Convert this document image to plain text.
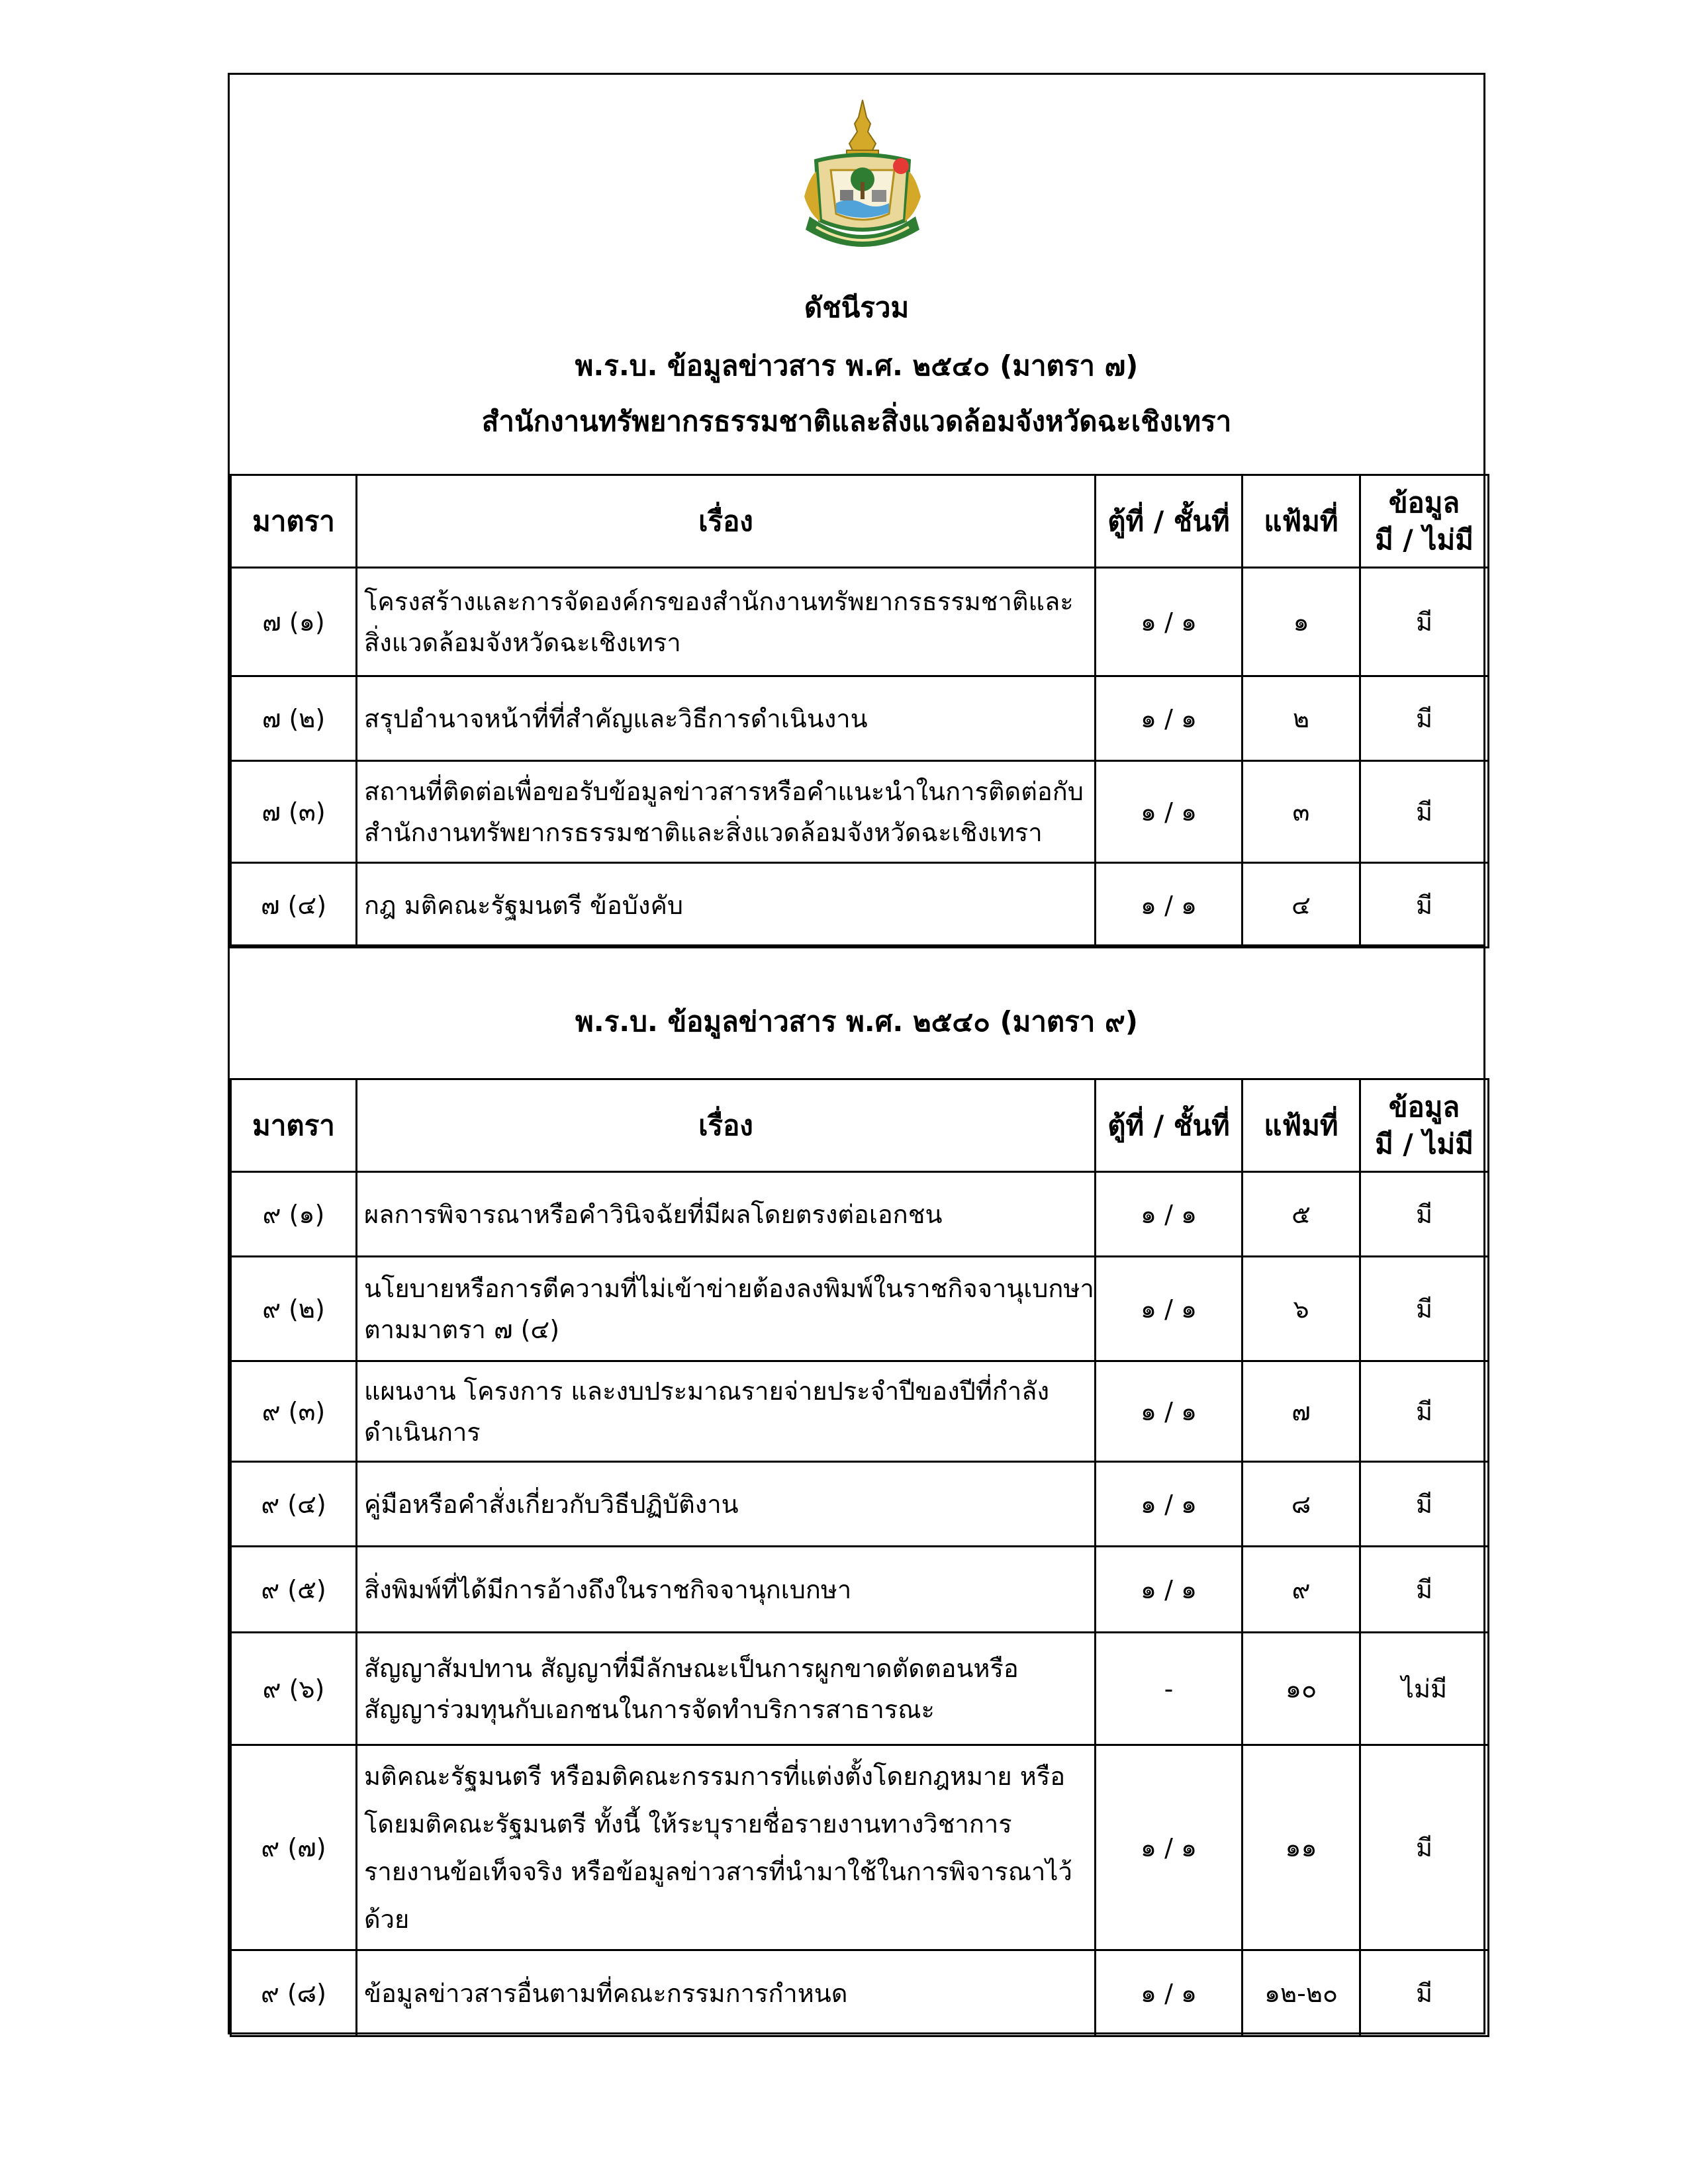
ดัชนีรวม
พ.ร.บ. ข้อมูลข่าวสาร พ.ศ. ๒๕๔๐ (มาตรา ๗)
สำนักงานทรัพยากรธรรมชาติและสิ่งแวดล้อมจังหวัดฉะเชิงเทรา
มาตรา	เรื่อง	ตู้ที่ / ชั้นที่	แฟ้มที่	ข้อมูล
มี / ไม่มี
๗ (๑)	โครงสร้างและการจัดองค์กรของสำนักงานทรัพยากรธรรมชาติและ
สิ่งแวดล้อมจังหวัดฉะเชิงเทรา	๑ / ๑	๑	มี
๗ (๒)	สรุปอำนาจหน้าที่ที่สำคัญและวิธีการดำเนินงาน	๑ / ๑	๒	มี
๗ (๓)	สถานที่ติดต่อเพื่อขอรับข้อมูลข่าวสารหรือคำแนะนำในการติดต่อกับ
สำนักงานทรัพยากรธรรมชาติและสิ่งแวดล้อมจังหวัดฉะเชิงเทรา	๑ / ๑	๓	มี
๗ (๔)	กฎ มติคณะรัฐมนตรี ข้อบังคับ	๑ / ๑	๔	มี
พ.ร.บ. ข้อมูลข่าวสาร พ.ศ. ๒๕๔๐ (มาตรา ๙)
มาตรา	เรื่อง	ตู้ที่ / ชั้นที่	แฟ้มที่	ข้อมูล
มี / ไม่มี
๙ (๑)	ผลการพิจารณาหรือคำวินิจฉัยที่มีผลโดยตรงต่อเอกชน	๑ / ๑	๕	มี
๙ (๒)	นโยบายหรือการตีความที่ไม่เข้าข่ายต้องลงพิมพ์ในราชกิจจานุเบกษา
ตามมาตรา ๗ (๔)	๑ / ๑	๖	มี
๙ (๓)	แผนงาน โครงการ และงบประมาณรายจ่ายประจำปีของปีที่กำลัง
ดำเนินการ	๑ / ๑	๗	มี
๙ (๔)	คู่มือหรือคำสั่งเกี่ยวกับวิธีปฏิบัติงาน	๑ / ๑	๘	มี
๙ (๕)	สิ่งพิมพ์ที่ได้มีการอ้างถึงในราชกิจจานุกเบกษา	๑ / ๑	๙	มี
๙ (๖)	สัญญาสัมปทาน สัญญาที่มีลักษณะเป็นการผูกขาดตัดตอนหรือ
สัญญาร่วมทุนกับเอกชนในการจัดทำบริการสาธารณะ	-	๑๐	ไม่มี
๙ (๗)	มติคณะรัฐมนตรี หรือมติคณะกรรมการที่แต่งตั้งโดยกฎหมาย หรือ
โดยมติคณะรัฐมนตรี ทั้งนี้ ให้ระบุรายชื่อรายงานทางวิชาการ
รายงานข้อเท็จจริง หรือข้อมูลข่าวสารที่นำมาใช้ในการพิจารณาไว้ด้วย	๑ / ๑	๑๑	มี
๙ (๘)	ข้อมูลข่าวสารอื่นตามที่คณะกรรมการกำหนด	๑ / ๑	๑๒-๒๐	มี
